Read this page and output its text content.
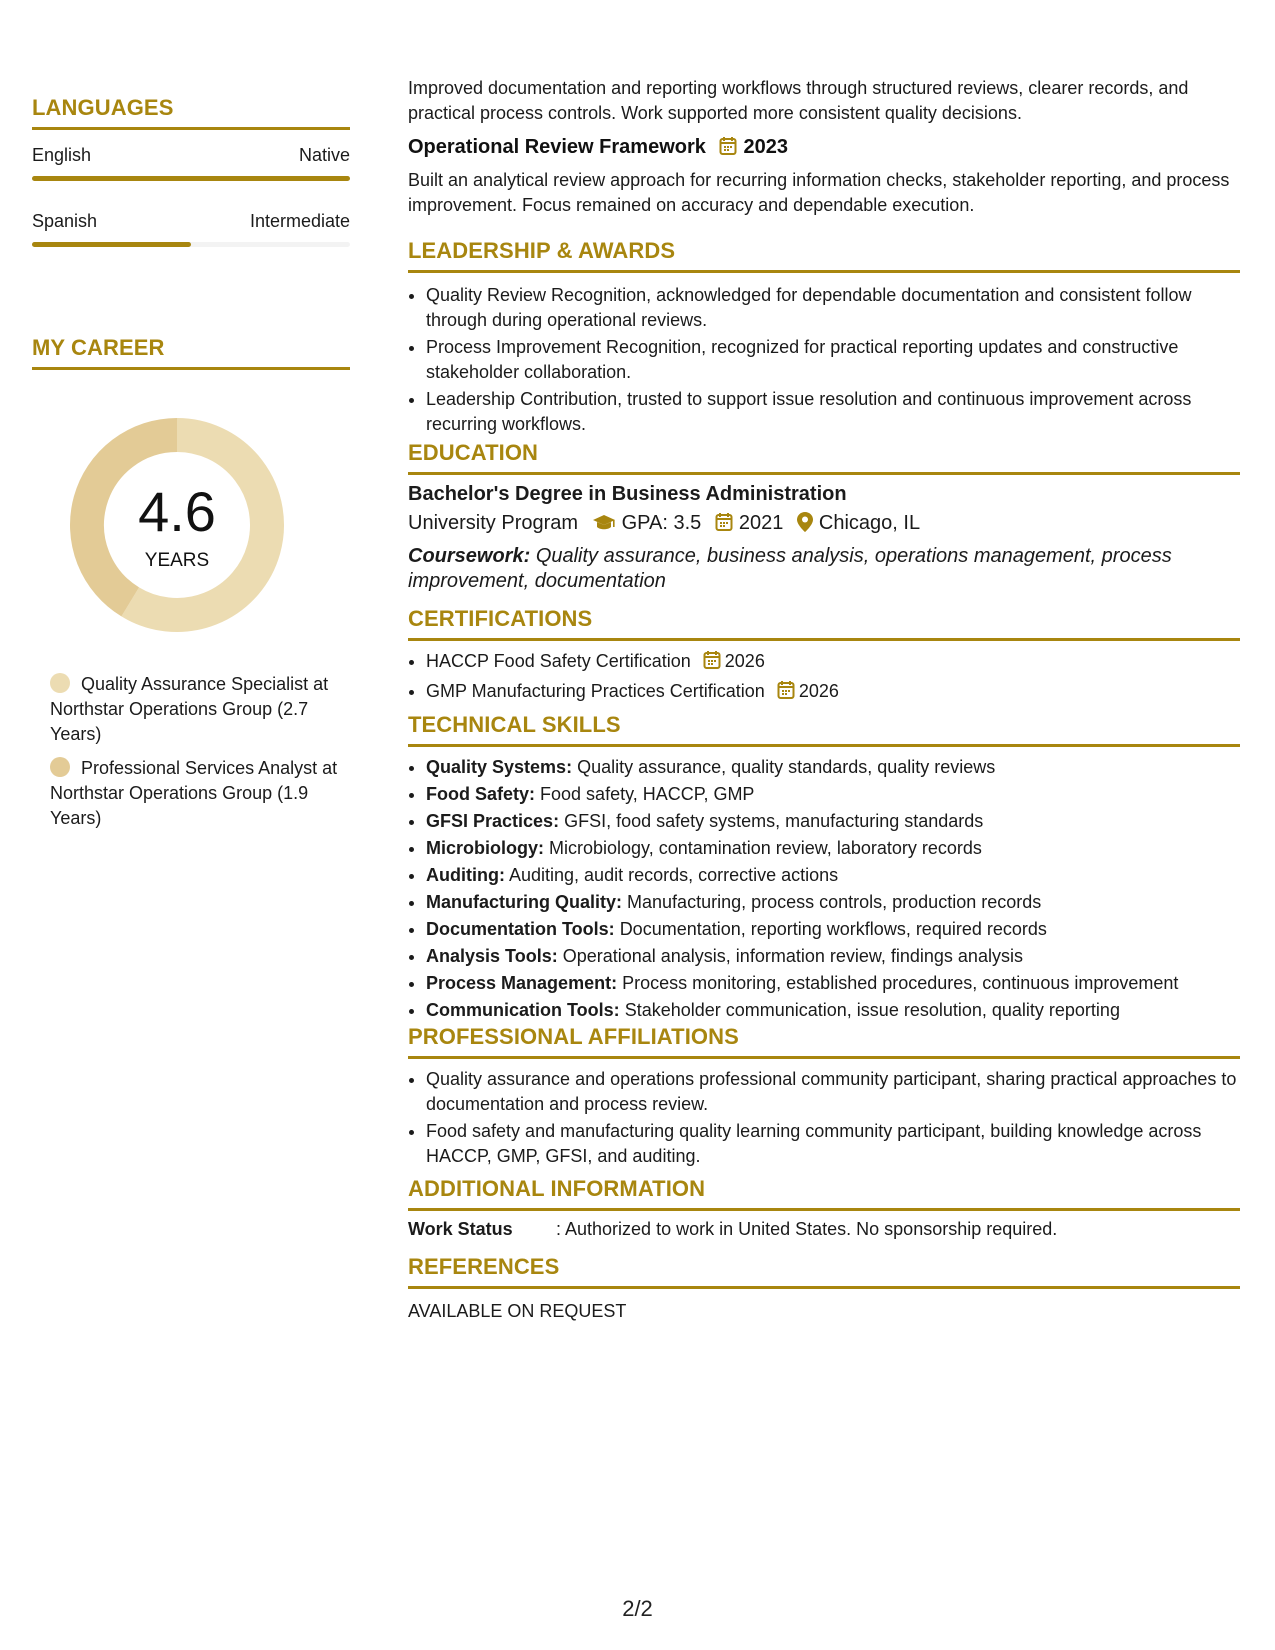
LANGUAGES
English	Native
Spanish	Intermediate
MY CAREER
4.6
YEARS
Quality Assurance Specialist at Northstar Operations Group (2.7 Years)
Professional Services Analyst at Northstar Operations Group (1.9 Years)

Improved documentation and reporting workflows through structured reviews, clearer records, and practical process controls. Work supported more consistent quality decisions.

Operational Review Framework 2023

Built an analytical review approach for recurring information checks, stakeholder reporting, and process improvement. Focus remained on accuracy and dependable execution.

LEADERSHIP & AWARDS
• Quality Review Recognition, acknowledged for dependable documentation and consistent follow through during operational reviews.
• Process Improvement Recognition, recognized for practical reporting updates and constructive stakeholder collaboration.
• Leadership Contribution, trusted to support issue resolution and continuous improvement across recurring workflows.
EDUCATION

Bachelor's Degree in Business Administration

University Program GPA: 3.5 2021 Chicago, IL
Coursework: Quality assurance, business analysis, operations management, process improvement, documentation
CERTIFICATIONS
• HACCP Food Safety Certification 2026
• GMP Manufacturing Practices Certification 2026
TECHNICAL SKILLS
• Quality Systems: Quality assurance, quality standards, quality reviews
• Food Safety: Food safety, HACCP, GMP
• GFSI Practices: GFSI, food safety systems, manufacturing standards
• Microbiology: Microbiology, contamination review, laboratory records
• Auditing: Auditing, audit records, corrective actions
• Manufacturing Quality: Manufacturing, process controls, production records
• Documentation Tools: Documentation, reporting workflows, required records
• Analysis Tools: Operational analysis, information review, findings analysis
• Process Management: Process monitoring, established procedures, continuous improvement
• Communication Tools: Stakeholder communication, issue resolution, quality reporting
PROFESSIONAL AFFILIATIONS
• Quality assurance and operations professional community participant, sharing practical approaches to documentation and process review.
• Food safety and manufacturing quality learning community participant, building knowledge across HACCP, GMP, GFSI, and auditing.
ADDITIONAL INFORMATION
Work Status : Authorized to work in United States. No sponsorship required.
REFERENCES
AVAILABLE ON REQUEST
2/2
